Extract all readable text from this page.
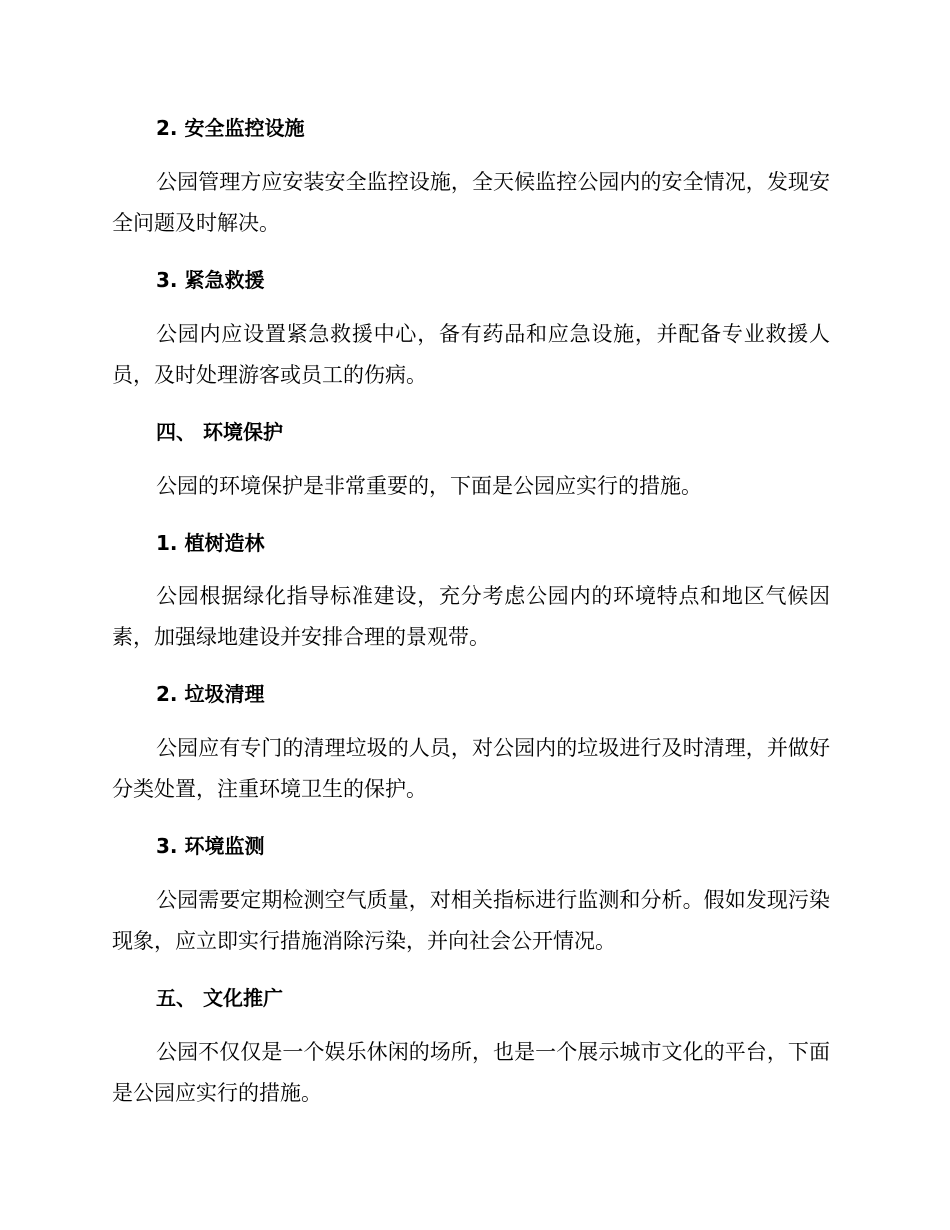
2. 安全监控设施

公园管理方应安装安全监控设施，全天候监控公园内的安全情况，发现安全问题及时解决。

3. 紧急救援

公园内应设置紧急救援中心，备有药品和应急设施，并配备专业救援人员，及时处理游客或员工的伤病。

四、 环境保护

公园的环境保护是非常重要的，下面是公园应实行的措施。

1. 植树造林

公园根据绿化指导标准建设，充分考虑公园内的环境特点和地区气候因素，加强绿地建设并安排合理的景观带。

2. 垃圾清理

公园应有专门的清理垃圾的人员，对公园内的垃圾进行及时清理，并做好分类处置，注重环境卫生的保护。

3. 环境监测

公园需要定期检测空气质量，对相关指标进行监测和分析。假如发现污染现象，应立即实行措施消除污染，并向社会公开情况。

五、 文化推广

公园不仅仅是一个娱乐休闲的场所，也是一个展示城市文化的平台，下面是公园应实行的措施。
